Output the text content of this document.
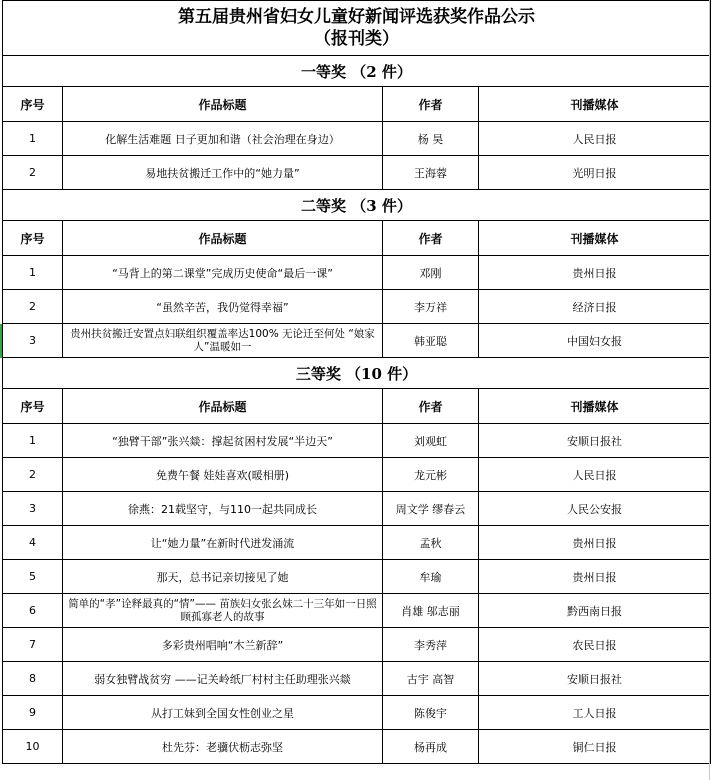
第五届贵州省妇女儿童好新闻评选获奖作品公示
（报刊类）			

一等奖 （2 件）			
序号	作品标题	作者	刊播媒体
1	化解生活难题 日子更加和谐（社会治理在身边）	杨 昊	人民日报
2	易地扶贫搬迁工作中的“她力量”	王海蓉	光明日报
二等奖 （3 件）			
序号	作品标题	作者	刊播媒体
1	“马背上的第二课堂”完成历史使命“最后一课”	邓刚	贵州日报
2	“虽然辛苦，我仍觉得幸福”	李万祥	经济日报
3	贵州扶贫搬迁安置点妇联组织覆盖率达100% 无论迁至何处 “娘家人”温暖如一	韩亚聪	中国妇女报
三等奖 （10 件）			
序号	作品标题	作者	刊播媒体
1	“独臂干部”张兴燚：撑起贫困村发展“半边天”	刘观虹	安顺日报社
2	免费午餐 娃娃喜欢(暖相册)	龙元彬	人民日报
3	徐燕：21载坚守，与110一起共同成长	周文学 缪春云	人民公安报
4	让“她力量”在新时代迸发涌流	孟秋	贵州日报
5	那天，总书记亲切接见了她	牟瑜	贵州日报
6	简单的“孝”诠释最真的“情”—— 苗族妇女张幺妹二十三年如一日照顾孤寡老人的故事	肖雄 邬志丽	黔西南日报
7	多彩贵州唱响“木兰新辞”	李秀萍	农民日报
8	弱女独臂战贫穷 ——记关岭纸厂村村主任助理张兴燚	古宇 高智	安顺日报社
9	从打工妹到全国女性创业之星	陈俊宇	工人日报
10	杜先芬：老骥伏枥志弥坚	杨再成	铜仁日报
